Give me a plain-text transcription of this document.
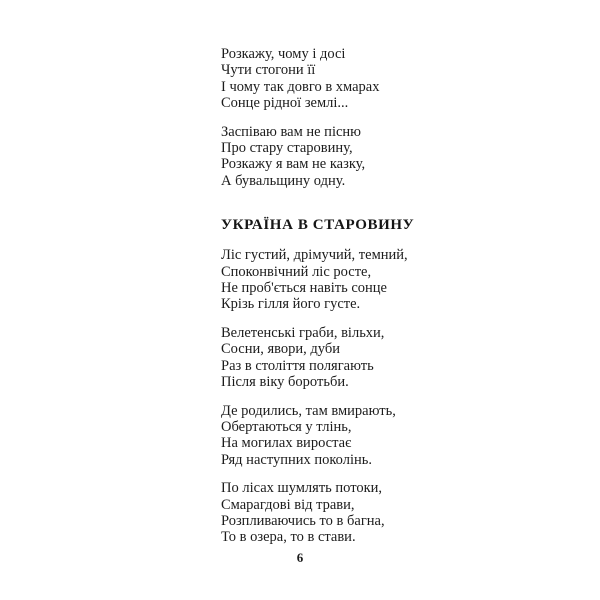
Розкажу, чому і досі
Чути стогони її
І чому так довго в хмарах
Сонце рідної землі...
Заспіваю вам не пісню
Про стару старовину,
Розкажу я вам не казку,
А бувальщину одну.
УКРАЇНА В СТАРОВИНУ
Ліс густий, дрімучий, темний,
Споконвічний ліс росте,
Не проб'ється навіть сонце
Крізь гілля його густе.
Велетенські граби, вільхи,
Сосни, явори, дуби
Раз в століття полягають
Після віку боротьби.
Де родились, там вмирають,
Обертаються у тлінь,
На могилах виростає
Ряд наступних поколінь.
По лісах шумлять потоки,
Смарагдові від трави,
Розпливаючись то в багна,
То в озера, то в стави.
6
